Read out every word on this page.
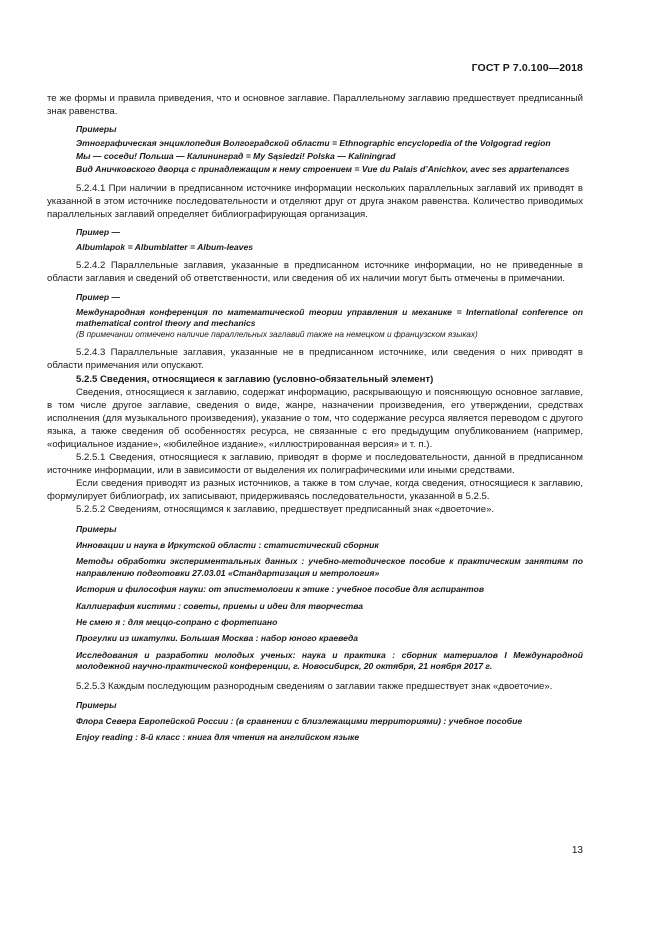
ГОСТ Р 7.0.100—2018

те же формы и правила приведения, что и основное заглавие. Параллельному заглавию предшествует предписанный знак равенства.

Примеры

Этнографическая энциклопедия Волгоградской области = Ethnographic encyclopedia of the Volgograd region

Мы — соседи! Польша — Калининград = My Sąsiedzi! Polska — Kaliningrad

Вид Аничковского дворца с принадлежащим к нему строением = Vue du Palais d’Anichkov, avec ses appartenances

5.2.4.1 При наличии в предписанном источнике информации нескольких параллельных заглавий их приводят в указанной в этом источнике последовательности и отделяют друг от друга знаком равенства. Количество приводимых параллельных заглавий определяет библиографирующая организация.

Пример —

Albumlapok = Albumblatter = Album-leaves

5.2.4.2 Параллельные заглавия, указанные в предписанном источнике информации, но не приведенные в области заглавия и сведений об ответственности, или сведения об их наличии могут быть отмечены в примечании.

Пример —

Международная конференция по математической теории управления и механике = International conference on mathematical control theory and mechanics

(В примечании отмечено наличие параллельных заглавий также на немецком и французском языках)

5.2.4.3 Параллельные заглавия, указанные не в предписанном источнике, или сведения о них приводят в области примечания или опускают.

5.2.5 Сведения, относящиеся к заглавию (условно-обязательный элемент)

Сведения, относящиеся к заглавию, содержат информацию, раскрывающую и поясняющую основное заглавие, в том числе другое заглавие, сведения о виде, жанре, назначении произведения, его утверждении, средствах исполнения (для музыкального произведения), указание о том, что содержание ресурса является переводом с другого языка, а также сведения об особенностях ресурса, не связанные с его предыдущим опубликованием (например, «официальное издание», «юбилейное издание», «иллюстрированная версия» и т. п.).

5.2.5.1 Сведения, относящиеся к заглавию, приводят в форме и последовательности, данной в предписанном источнике информации, или в зависимости от выделения их полиграфическими или иными средствами.

Если сведения приводят из разных источников, а также в том случае, когда сведения, относящиеся к заглавию, формулирует библиограф, их записывают, придерживаясь последовательности, указанной в 5.2.5.

5.2.5.2 Сведениям, относящимся к заглавию, предшествует предписанный знак «двоеточие».

Примеры

Инновации и наука в Иркутской области : статистический сборник

Методы обработки экспериментальных данных : учебно-методическое пособие к практическим занятиям по направлению подготовки 27.03.01 «Стандартизация и метрология»

История и философия науки: от эпистемологии к этике : учебное пособие для аспирантов

Каллиграфия кистями : советы, приемы и идеи для творчества

Не смею я : для меццо-сопрано с фортепиано

Прогулки из шкатулки. Большая Москва : набор юного краеведа

Исследования и разработки молодых ученых: наука и практика : сборник материалов I Международной молодежной научно-практической конференции, г. Новосибирск, 20 октября, 21 ноября 2017 г.

5.2.5.3 Каждым последующим разнородным сведениям о заглавии также предшествует знак «двоеточие».

Примеры

Флора Севера Европейской России : (в сравнении с близлежащими территориями) : учебное пособие

Enjoy reading : 8-й класс : книга для чтения на английском языке

13
